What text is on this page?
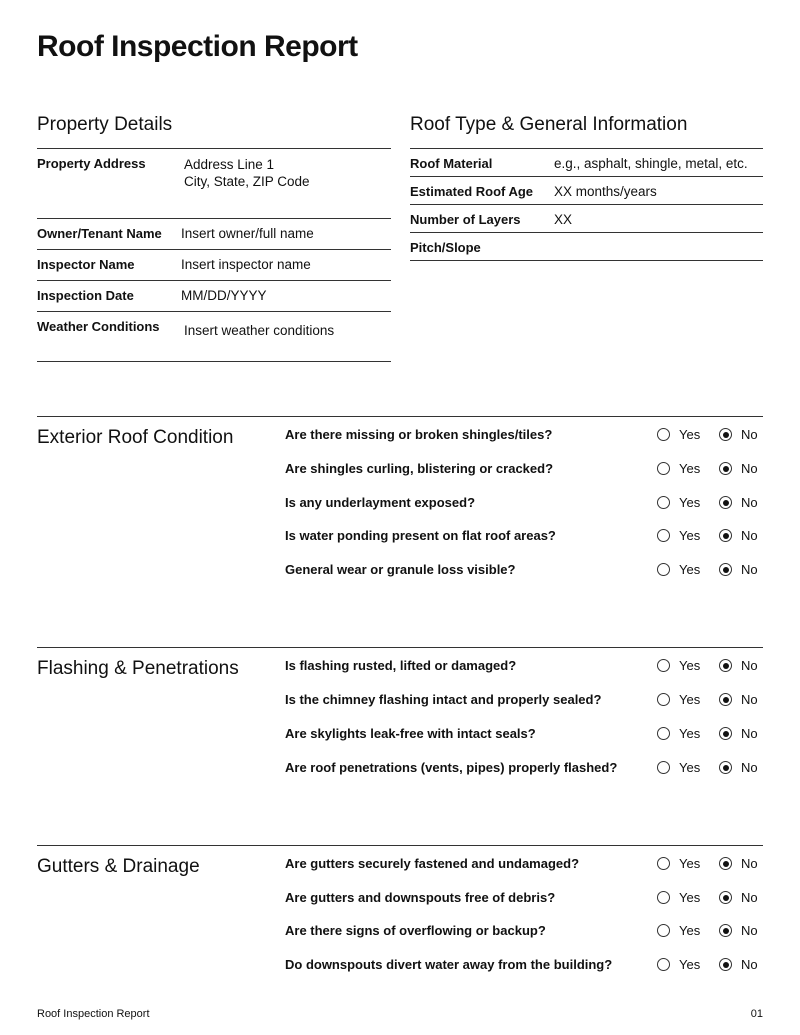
Roof Inspection Report
Property Details
Property Address	Address Line 1
City, State, ZIP Code
Owner/Tenant Name Insert owner/full name
Inspector Name	Insert inspector name
Inspection Date	MM/DD/YYYY
Weather Conditions Insert weather conditions
Roof Type & General Information
Roof Material	e.g., asphalt, shingle, metal, etc.
Estimated Roof Age XX months/years
Number of Layers XX
Pitch/Slope
Exterior Roof Condition	Are there missing or broken shingles/tiles?	Yes	No
Are shingles curling, blistering or cracked?	Yes	No
Is any underlayment exposed?	Yes	No
Is water ponding present on flat roof areas?	Yes	No
General wear or granule loss visible?	Yes	No
Flashing & Penetrations	Is flashing rusted, lifted or damaged?	Yes	No
Is the chimney flashing intact and properly sealed?	Yes	No
Are skylights leak-free with intact seals?	Yes	No
Are roof penetrations (vents, pipes) properly flashed?	Yes	No
Gutters & Drainage	Are gutters securely fastened and undamaged?	Yes	No
Are gutters and downspouts free of debris?	Yes	No
Are there signs of overflowing or backup?	Yes	No
Do downspouts divert water away from the building?	Yes	No
Roof Inspection Report	01
